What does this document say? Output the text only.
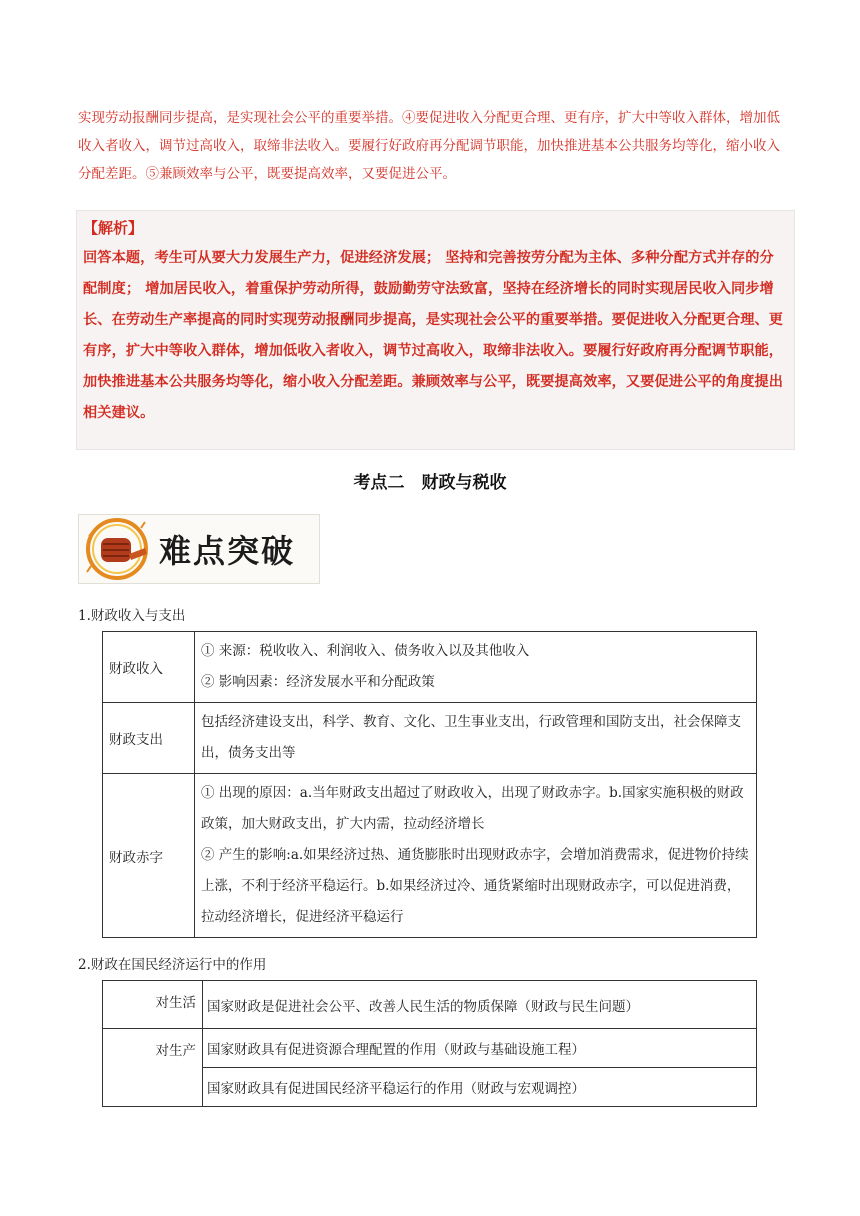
实现劳动报酬同步提高，是实现社会公平的重要举措。④要促进收入分配更合理、更有序，扩大中等收入群体，增加低收入者收入，调节过高收入，取缔非法收入。要履行好政府再分配调节职能，加快推进基本公共服务均等化，缩小收入分配差距。⑤兼顾效率与公平，既要提高效率，又要促进公平。
【解析】
回答本题，考生可从要大力发展生产力，促进经济发展； 坚持和完善按劳分配为主体、多种分配方式并存的分配制度； 增加居民收入，着重保护劳动所得，鼓励勤劳守法致富，坚持在经济增长的同时实现居民收入同步增长、在劳动生产率提高的同时实现劳动报酬同步提高，是实现社会公平的重要举措。要促进收入分配更合理、更有序，扩大中等收入群体，增加低收入者收入，调节过高收入，取缔非法收入。要履行好政府再分配调节职能，加快推进基本公共服务均等化，缩小收入分配差距。兼顾效率与公平，既要提高效率，又要促进公平的角度提出相关建议。
考点二　财政与税收
难点突破
1.财政收入与支出
财政收入	① 来源：税收收入、利润收入、债务收入以及其他收入
② 影响因素：经济发展水平和分配政策

财政支出	包括经济建设支出，科学、教育、文化、卫生事业支出，行政管理和国防支出，社会保障支出，债务支出等

财政赤字	① 出现的原因：a.当年财政支出超过了财政收入，出现了财政赤字。b.国家实施积极的财政政策，加大财政支出，扩大内需，拉动经济增长
② 产生的影响:a.如果经济过热、通货膨胀时出现财政赤字，会增加消费需求，促进物价持续上涨，不利于经济平稳运行。b.如果经济过冷、通货紧缩时出现财政赤字，可以促进消费，拉动经济增长，促进经济平稳运行
2.财政在国民经济运行中的作用
对生活	国家财政是促进社会公平、改善人民生活的物质保障（财政与民生问题）
对生产	国家财政具有促进资源合理配置的作用（财政与基础设施工程）
	国家财政具有促进国民经济平稳运行的作用（财政与宏观调控）
